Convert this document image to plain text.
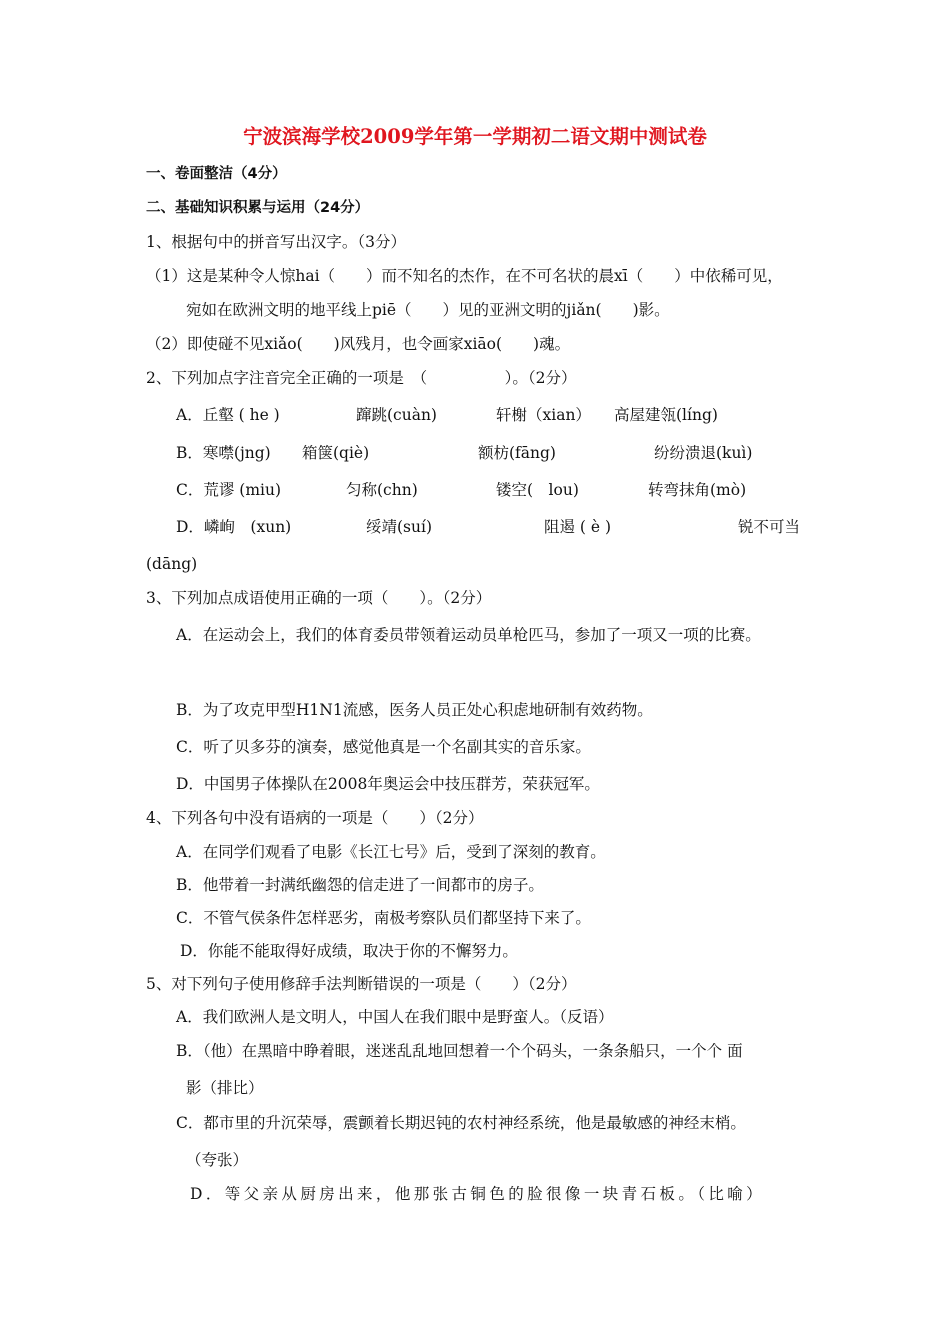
宁波滨海学校2009学年第一学期初二语文期中测试卷
一、卷面整洁（4分）
二、基础知识积累与运用（24分）
1、根据句中的拼音写出汉字。（3分）
（1）这是某种令人惊hai（　　）而不知名的杰作，在不可名状的晨xī（　　）中依稀可见，
宛如在欧洲文明的地平线上piē（　　）见的亚洲文明的jiǎn(　　)影。
（2）即使碰不见xiǎo(　　)风残月，也令画家xiāo(　　)魂。
2、下列加点字注音完全正确的一项是　（　　　　　）。（2分）
A．丘壑 ( he )	蹿跳(cuàn)	轩榭（xian） 高屋建瓴(líng)
B．寒噤(jng) 箱箧(qiè)	额枋(fāng)	纷纷溃退(kuì)
C．荒谬 (miu)	匀称(chn)	镂空(　lou)	转弯抹角(mò)
D．嶙峋　(xun)	绥靖(suí)	阻遏 ( è )	锐不可当
(dāng)
3、下列加点成语使用正确的一项（　　）。（2分）
A．在运动会上，我们的体育委员带领着运动员单枪匹马，参加了一项又一项的比赛。
B．为了攻克甲型H1N1流感，医务人员正处心积虑地研制有效药物。
C．听了贝多芬的演奏，感觉他真是一个名副其实的音乐家。
D．中国男子体操队在2008年奥运会中技压群芳，荣获冠军。
4、下列各句中没有语病的一项是（　　）（2分）
A．在同学们观看了电影《长江七号》后，受到了深刻的教育。
B．他带着一封满纸幽怨的信走进了一间都市的房子。
C．不管气侯条件怎样恶劣，南极考察队员们都坚持下来了。
D．你能不能取得好成绩，取决于你的不懈努力。
5、对下列句子使用修辞手法判断错误的一项是（　　）（2分）
A．我们欧洲人是文明人，中国人在我们眼中是野蛮人。（反语）
B．（他）在黑暗中睁着眼，迷迷乱乱地回想着一个个码头，一条条船只，一个个 面
影（排比）
C．都市里的升沉荣辱，震颤着长期迟钝的农村神经系统，他是最敏感的神经末梢。
（夸张）
D．等父亲从厨房出来，他那张古铜色的脸很像一块青石板。（比喻）
